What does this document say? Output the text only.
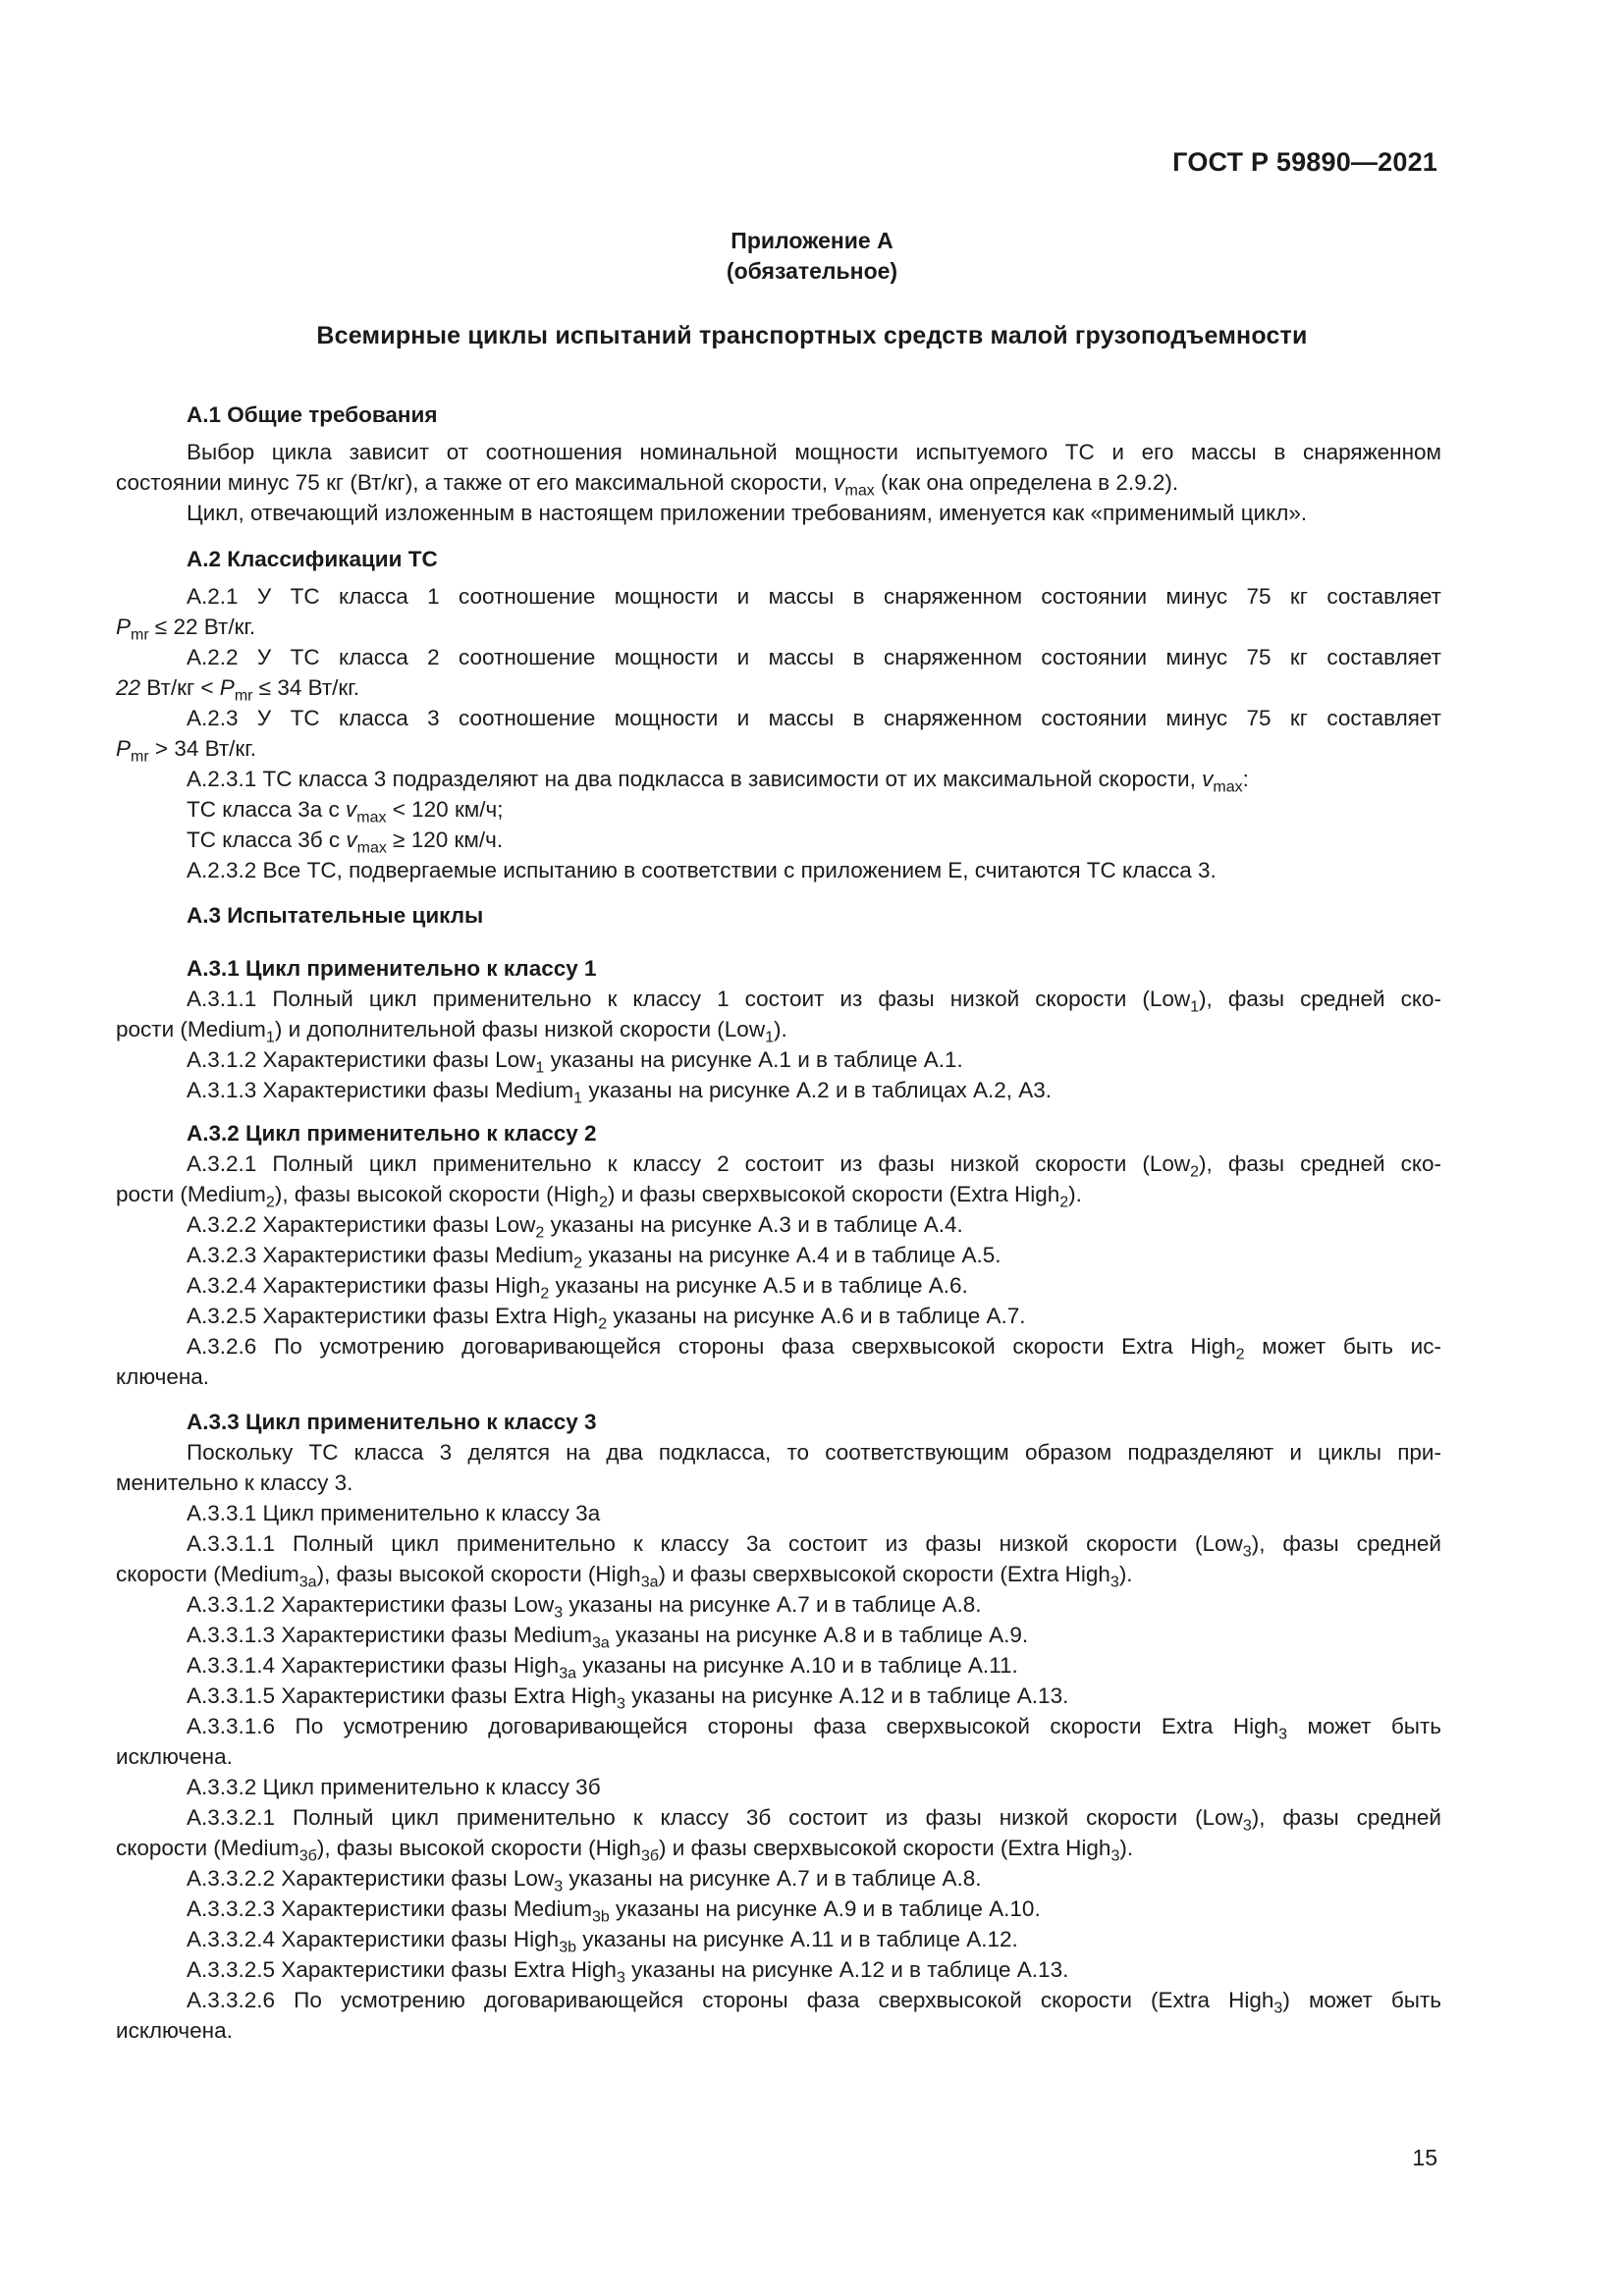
ГОСТ Р 59890—2021
Приложение А
(обязательное)
Всемирные циклы испытаний транспортных средств малой грузоподъемности
А.1 Общие требования
Выбор цикла зависит от соотношения номинальной мощности испытуемого ТС и его массы в снаряженном
состоянии минус 75 кг (Вт/кг), а также от его максимальной скорости, $v_{max}$ (как она определена в 2.9.2).
Цикл, отвечающий изложенным в настоящем приложении требованиям, именуется как «применимый цикл».
А.2 Классификации ТС
А.2.1 У ТС класса 1 соотношение мощности и массы в снаряженном состоянии минус 75 кг составляет
$P_{mr} \le 22$ Вт/кг.
А.2.2 У ТС класса 2 соотношение мощности и массы в снаряженном состоянии минус 75 кг составляет
22 $Вт/кг < P_{mr} \le 34$ Вт/кг.
А.2.3 У ТС класса 3 соотношение мощности и массы в снаряженном состоянии минус 75 кг составляет
$P_{mr} > 34$ Вт/кг.
А.2.3.1 ТС класса 3 подразделяют на два подкласса в зависимости от их максимальной скорости, $v_{max}$:
ТС класса 3a с $v_{max} < 120$ км/ч;
ТС класса 3б с $v_{max} \ge 120$ км/ч.
А.2.3.2 Все ТС, подвергаемые испытанию в соответствии с приложением Е, считаются ТС класса 3.
А.3 Испытательные циклы
А.3.1 Цикл применительно к классу 1
А.3.1.1 Полный цикл применительно к классу 1 состоит из фазы низкой скорости (Low$_1$), фазы средней ско-
рости (Medium$_1$) и дополнительной фазы низкой скорости (Low$_1$).
А.3.1.2 Характеристики фазы Low$_1$ указаны на рисунке А.1 и в таблице А.1.
А.3.1.3 Характеристики фазы Medium$_1$ указаны на рисунке А.2 и в таблицах А.2, А3.
А.3.2 Цикл применительно к классу 2
А.3.2.1 Полный цикл применительно к классу 2 состоит из фазы низкой скорости (Low$_2$), фазы средней ско-
рости (Medium$_2$), фазы высокой скорости (High$_2$) и фазы сверхвысокой скорости (Extra High$_2$).
А.3.2.2 Характеристики фазы Low$_2$ указаны на рисунке А.3 и в таблице А.4.
А.3.2.3 Характеристики фазы Medium$_2$ указаны на рисунке А.4 и в таблице А.5.
А.3.2.4 Характеристики фазы High$_2$ указаны на рисунке А.5 и в таблице А.6.
А.3.2.5 Характеристики фазы Extra High$_2$ указаны на рисунке А.6 и в таблице А.7.
А.3.2.6 По усмотрению договаривающейся стороны фаза сверхвысокой скорости Extra High$_2$ может быть ис-
ключена.
А.3.3 Цикл применительно к классу 3
Поскольку ТС класса 3 делятся на два подкласса, то соответствующим образом подразделяют и циклы при-
менительно к классу 3.
А.3.3.1 Цикл применительно к классу 3a
А.3.3.1.1 Полный цикл применительно к классу 3a состоит из фазы низкой скорости (Low$_3$), фазы средней
скорости (Medium$_{3a}$), фазы высокой скорости (High$_{3a}$) и фазы сверхвысокой скорости (Extra High$_3$).
А.3.3.1.2 Характеристики фазы Low$_3$ указаны на рисунке А.7 и в таблице А.8.
А.3.3.1.3 Характеристики фазы Medium$_{3a}$ указаны на рисунке А.8 и в таблице А.9.
А.3.3.1.4 Характеристики фазы High$_{3a}$ указаны на рисунке А.10 и в таблице А.11.
А.3.3.1.5 Характеристики фазы Extra High$_3$ указаны на рисунке А.12 и в таблице А.13.
А.3.3.1.6 По усмотрению договаривающейся стороны фаза сверхвысокой скорости Extra High$_3$ может быть
исключена.
А.3.3.2 Цикл применительно к классу 3б
А.3.3.2.1 Полный цикл применительно к классу 3б состоит из фазы низкой скорости (Low$_3$), фазы средней
скорости (Medium$_{3б}$), фазы высокой скорости (High$_{3б}$) и фазы сверхвысокой скорости (Extra High$_3$).
А.3.3.2.2 Характеристики фазы Low$_3$ указаны на рисунке А.7 и в таблице А.8.
А.3.3.2.3 Характеристики фазы Medium$_{3b}$ указаны на рисунке А.9 и в таблице А.10.
А.3.3.2.4 Характеристики фазы High$_{3b}$ указаны на рисунке А.11 и в таблице А.12.
А.3.3.2.5 Характеристики фазы Extra High$_3$ указаны на рисунке А.12 и в таблице А.13.
А.3.3.2.6 По усмотрению договаривающейся стороны фаза сверхвысокой скорости (Extra High$_3$) может быть
исключена.
15
